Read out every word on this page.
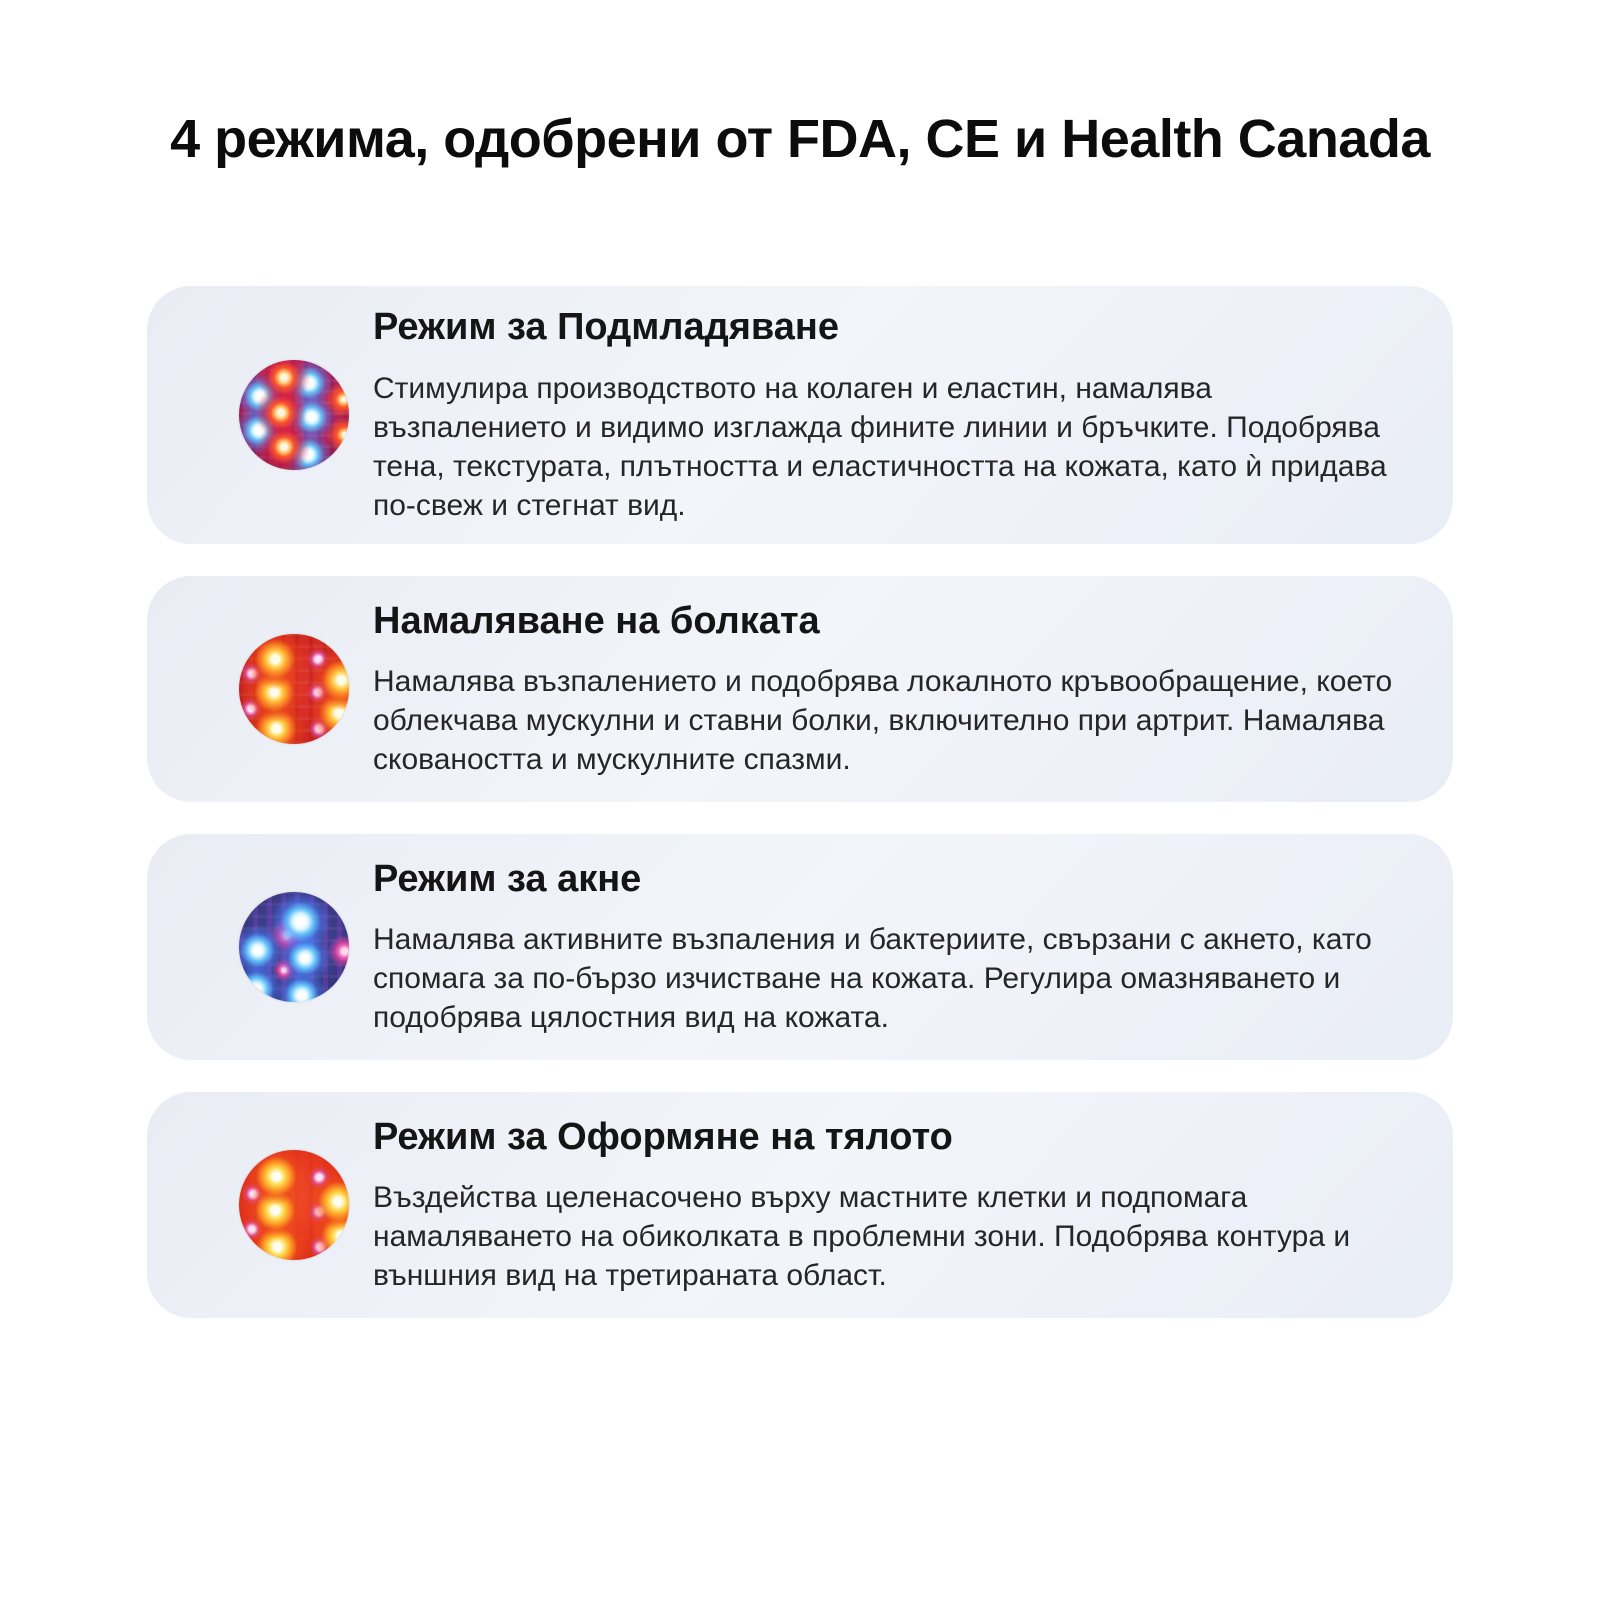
4 режима, одобрени от FDA, CE и Health Canada
Режим за Подмладяване

Стимулира производството на колаген и еластин, намалява възпалението и видимо изглажда фините линии и бръчките. Подобрява тена, текстурата, плътността и еластичността на кожата, като ѝ придава по-свеж и стегнат вид.

Намаляване на болката

Намалява възпалението и подобрява локалното кръвообращение, което облекчава мускулни и ставни болки, включително при артрит. Намалява сковаността и мускулните спазми.

Режим за акне

Намалява активните възпаления и бактериите, свързани с акнето, като спомага за по-бързо изчистване на кожата. Регулира омазняването и подобрява цялостния вид на кожата.

Режим за Оформяне на тялото

Въздейства целенасочено върху мастните клетки и подпомага намаляването на обиколката в проблемни зони. Подобрява контура и външния вид на третираната област.
